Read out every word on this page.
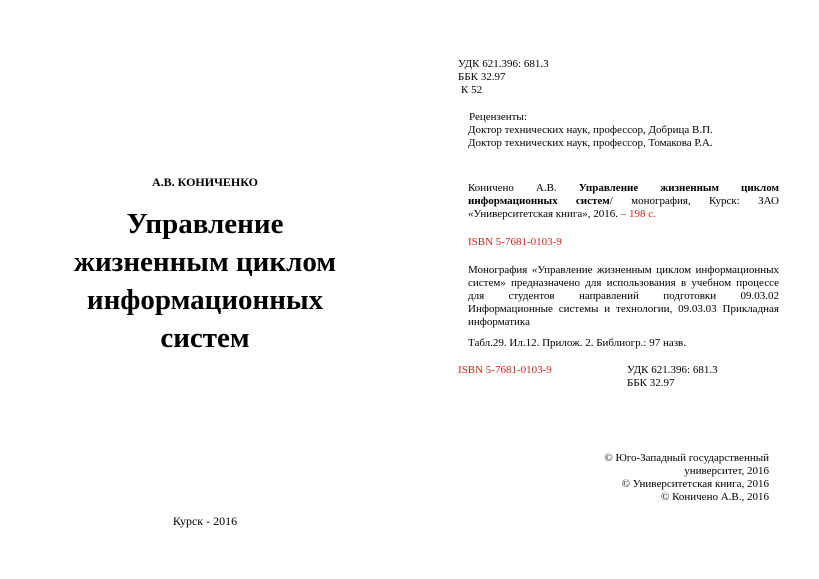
А.В. КОНИЧЕНКО
Управление
жизненным циклом
информационных
систем
Курск - 2016
УДК 621.396: 681.3
ББК 32.97
К 52
Рецензенты:
Доктор технических наук, профессор, Добрица В.П.
Доктор технических наук, профессор, Томакова Р.А.
Коничено А.В. Управление жизненным циклом информационных систем/ монография, Курск: ЗАО «Университетская книга», 2016. – 198 с.
ISBN 5-7681-0103-9
Монография «Управление жизненным циклом информационных систем» предназначено для использования в учебном процессе для студентов направлений подготовки 09.03.02 Информационные системы и технологии, 09.03.03 Прикладная информатика
Табл.29. Ил.12. Прилож. 2. Библиогр.: 97 назв.
ISBN 5-7681-0103-9	УДК 621.396: 681.3
ББК 32.97
© Юго-Западный государственный
университет, 2016
© Университетская книга, 2016
© Коничено А.В., 2016
